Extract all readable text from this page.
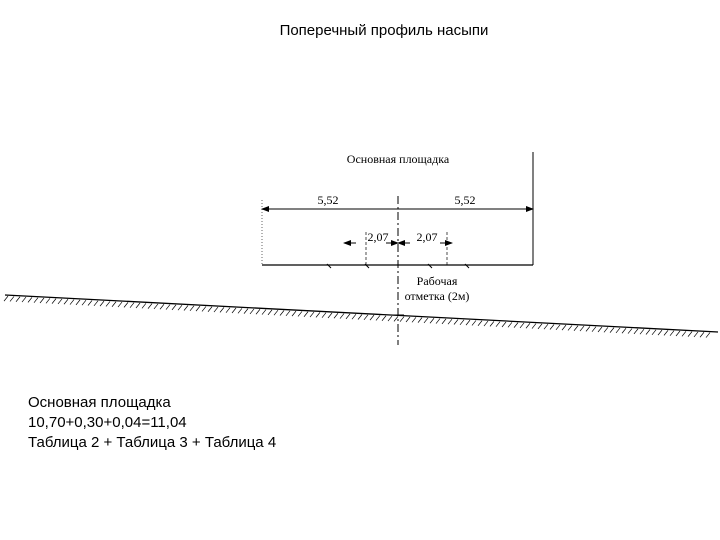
Поперечный профиль насыпи
Основная площадка
5,52	5,52
2,07 2,07
Рабочая
отметка (2м)
Основная площадка
10,70+0,30+0,04=11,04
Таблица 2 + Таблица 3 + Таблица 4
